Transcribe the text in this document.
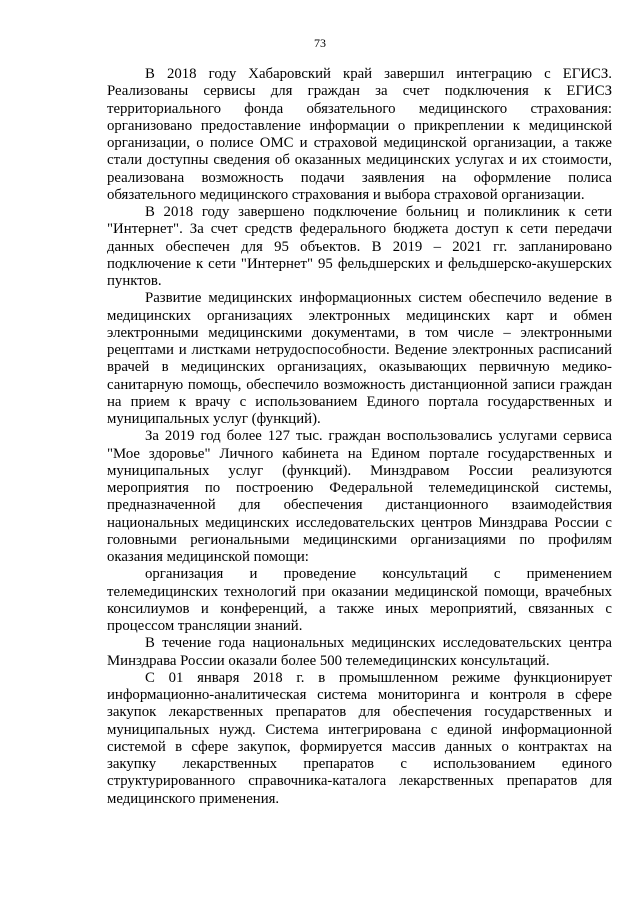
73

В 2018 году Хабаровский край завершил интеграцию с ЕГИСЗ. Реализованы сервисы для граждан за счет подключения к ЕГИСЗ территориального фонда обязательного медицинского страхования: организовано предоставление информации о прикреплении к медицинской организации, о полисе ОМС и страховой медицинской организации, а также стали доступны сведения об оказанных медицинских услугах и их стоимости, реализована возможность подачи заявления на оформление полиса обязательного медицинского страхования и выбора страховой организации.

В 2018 году завершено подключение больниц и поликлиник к сети "Интернет". За счет средств федерального бюджета доступ к сети передачи данных обеспечен для 95 объектов. В 2019 – 2021 гг. запланировано подключение к сети "Интернет" 95 фельдшерских и фельдшерско-акушерских пунктов.

Развитие медицинских информационных систем обеспечило ведение в медицинских организациях электронных медицинских карт и обмен электронными медицинскими документами, в том числе – электронными рецептами и листками нетрудоспособности. Ведение электронных расписаний врачей в медицинских организациях, оказывающих первичную медико-санитарную помощь, обеспечило возможность дистанционной записи граждан на прием к врачу с использованием Единого портала государственных и муниципальных услуг (функций).

За 2019 год более 127 тыс. граждан воспользовались услугами сервиса "Мое здоровье" Личного кабинета на Едином портале государственных и муниципальных услуг (функций). Минздравом России реализуются мероприятия по построению Федеральной телемедицинской системы, предназначенной для обеспечения дистанционного взаимодействия национальных медицинских исследовательских центров Минздрава России с головными региональными медицинскими организациями по профилям оказания медицинской помощи:

организация и проведение консультаций с применением телемедицинских технологий при оказании медицинской помощи, врачебных консилиумов и конференций, а также иных мероприятий, связанных с процессом трансляции знаний.

В течение года национальных медицинских исследовательских центра Минздрава России оказали более 500 телемедицинских консультаций.

С 01 января 2018 г. в промышленном режиме функционирует информационно-аналитическая система мониторинга и контроля в сфере закупок лекарственных препаратов для обеспечения государственных и муниципальных нужд. Система интегрирована с единой информационной системой в сфере закупок, формируется массив данных о контрактах на закупку лекарственных препаратов с использованием единого структурированного справочника-каталога лекарственных препаратов для медицинского применения.
